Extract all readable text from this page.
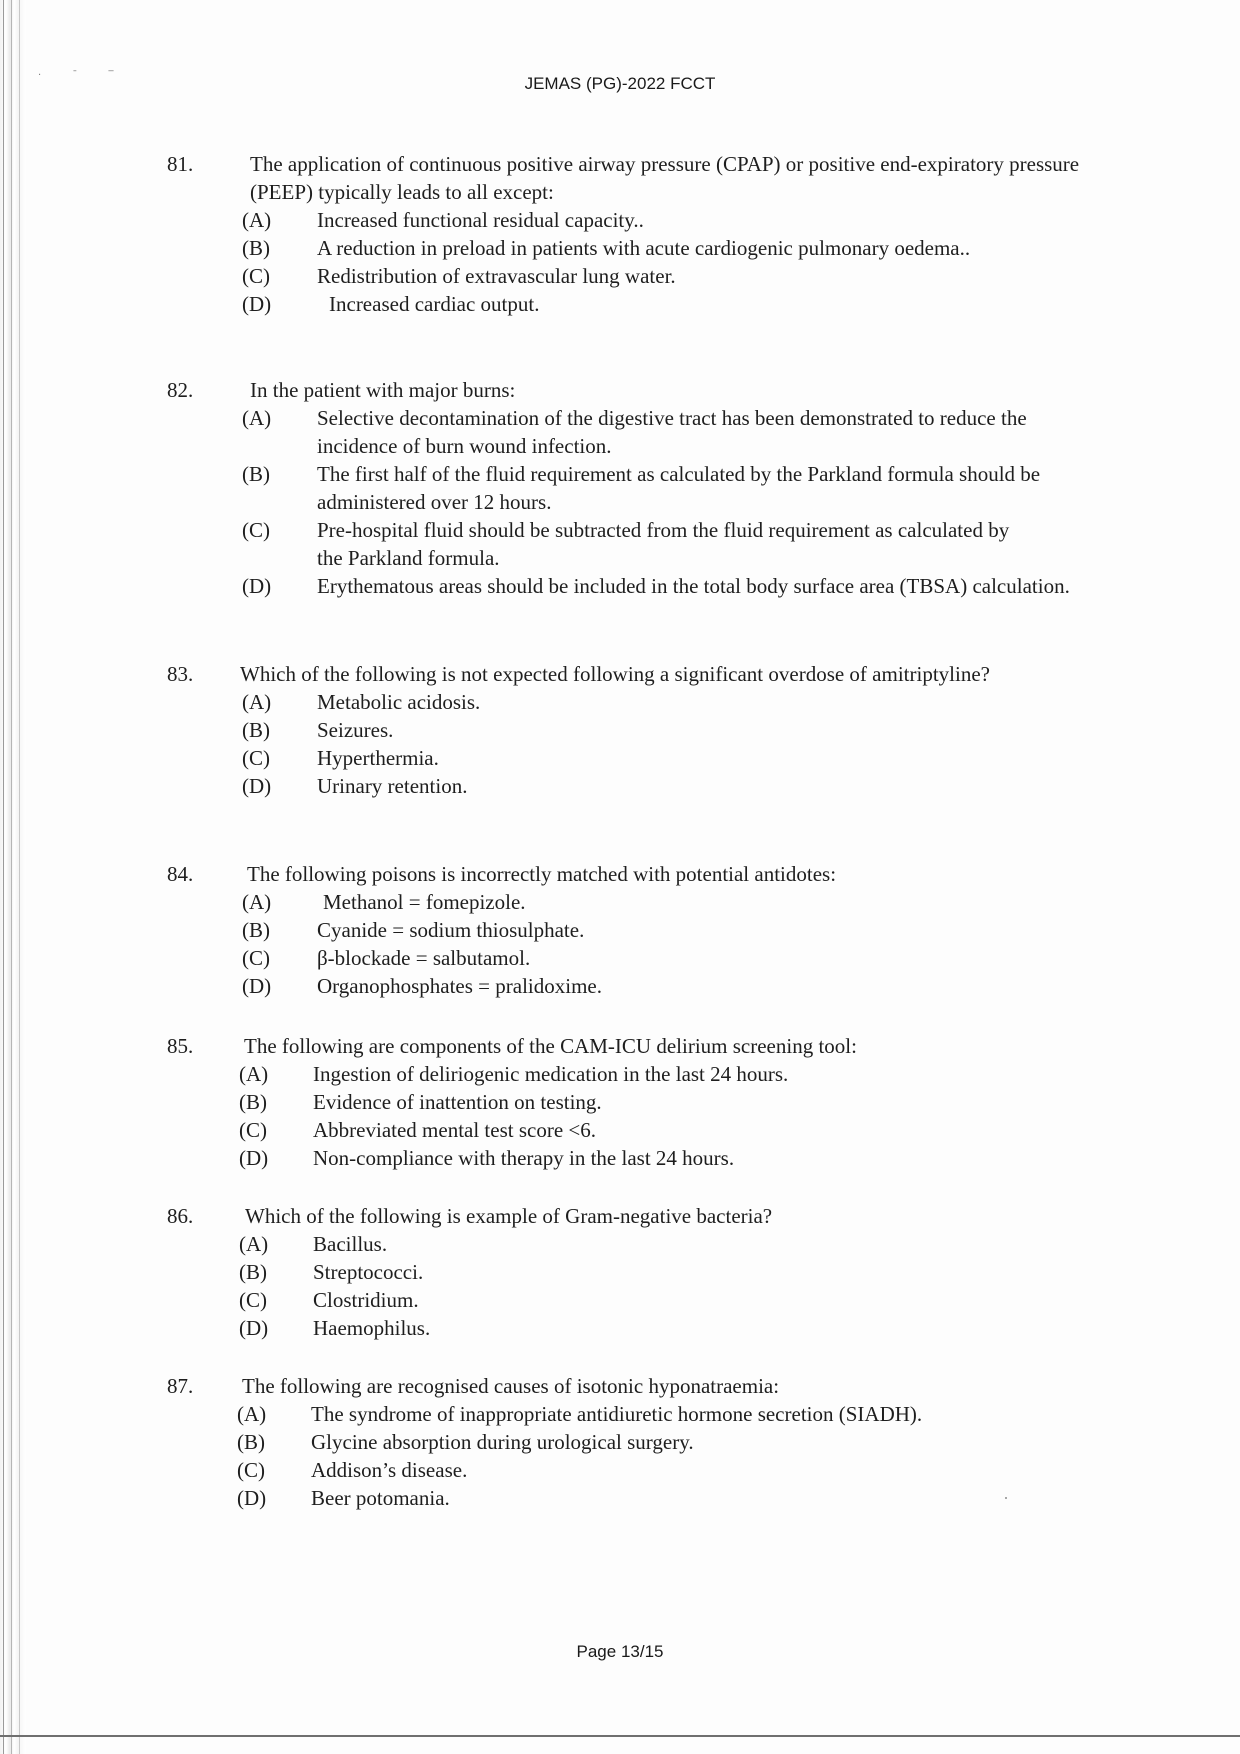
· ˉ ‾	JEMAS (PG)-2022 FCCT
81.	The application of continuous positive airway pressure (CPAP) or positive end-expiratory pressure (PEEP) typically leads to all except:
(A) Increased functional residual capacity..
(B) A reduction in preload in patients with acute cardiogenic pulmonary oedema..
(C) Redistribution of extravascular lung water.
(D)	Increased cardiac output.
82.	In the patient with major burns:
(A) Selective decontamination of the digestive tract has been demonstrated to reduce the incidence of burn wound infection.
(B) The first half of the fluid requirement as calculated by the Parkland formula should be administered over 12 hours.
(C) Pre-hospital fluid should be subtracted from the fluid requirement as calculated by the Parkland formula.
(D) Erythematous areas should be included in the total body surface area (TBSA) calculation.
83. Which of the following is not expected following a significant overdose of amitriptyline?
(A) Metabolic acidosis.
(B) Seizures.
(C) Hyperthermia.
(D) Urinary retention.
84.	The following poisons is incorrectly matched with potential antidotes:
(A) Methanol = fomepizole.
(B) Cyanide = sodium thiosulphate.
(C) β-blockade = salbutamol.
(D) Organophosphates = pralidoxime.
85. The following are components of the CAM-ICU delirium screening tool:
(A) Ingestion of deliriogenic medication in the last 24 hours.
(B) Evidence of inattention on testing.
(C) Abbreviated mental test score <6.
(D) Non-compliance with therapy in the last 24 hours.
86. Which of the following is example of Gram-negative bacteria?
(A) Bacillus.
(B) Streptococci.
(C) Clostridium.
(D) Haemophilus.
87. The following are recognised causes of isotonic hyponatraemia:
(A) The syndrome of inappropriate antidiuretic hormone secretion (SIADH).
(B) Glycine absorption during urological surgery.
(C) Addison’s disease.
(D) Beer potomania.
Page 13/15
